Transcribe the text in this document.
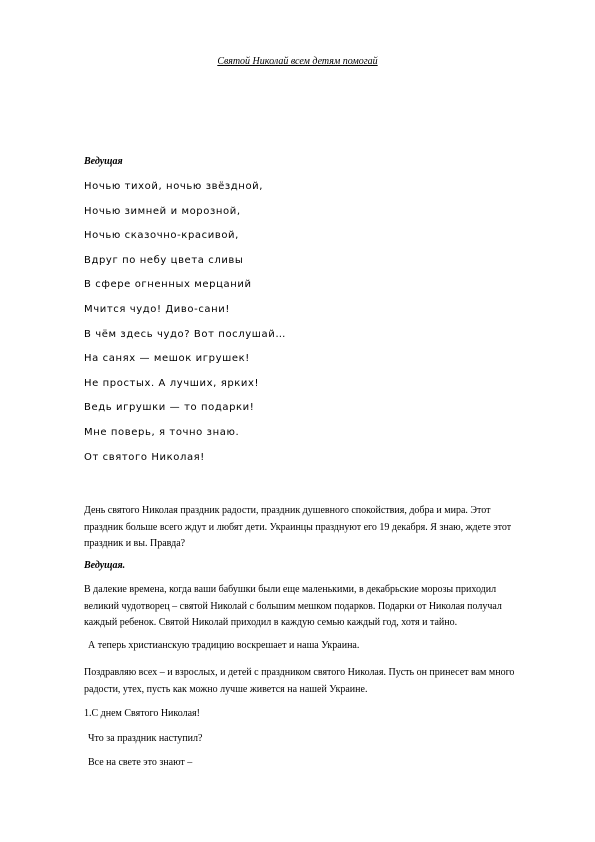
Святой Николай всем детям помогай
Ведущая
Ночью тихой, ночью звёздной,
Ночью зимней и морозной,
Ночью сказочно-красивой,
Вдруг по небу цвета сливы
В сфере огненных мерцаний
Мчится чудо! Диво-сани!
В чём здесь чудо? Вот послушай…
На санях — мешок игрушек!
Не простых. А лучших, ярких!
Ведь игрушки — то подарки!
Мне поверь, я точно знаю.
От святого Николая!

День святого Николая праздник радости, праздник душевного спокойствия, добра и мира. Этот праздник больше всего ждут и любят дети. Украинцы празднуют его 19 декабря. Я знаю, ждете этот праздник и вы. Правда?

Ведущая.

В далекие времена, когда ваши бабушки были еще маленькими, в декабрьские морозы приходил великий чудотворец – святой Николай с большим мешком подарков. Подарки от Николая получал каждый ребенок. Святой Николай приходил в каждую семью каждый год, хотя и тайно.

А теперь христианскую традицию воскрешает и наша Украина.

Поздравляю всех – и взрослых, и детей с праздником святого Николая. Пусть он принесет вам много радости, утех, пусть как можно лучше живется на нашей Украине.

1.С днем Святого Николая!

Что за праздник наступил?

Все на свете это знают –
